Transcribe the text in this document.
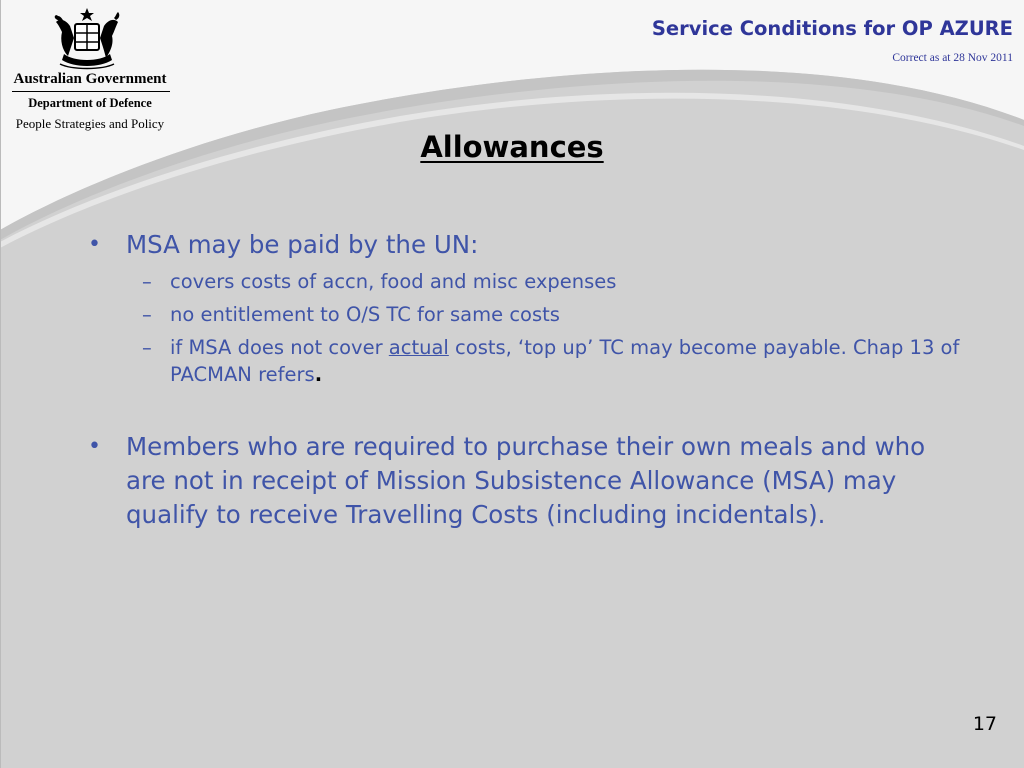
Australian Government
Department of Defence
People Strategies and Policy
Service Conditions for OP AZURE
Correct as at 28 Nov 2011
Allowances
• MSA may be paid by the UN:
– covers costs of accn, food and misc expenses
– no entitlement to O/S TC for same costs
– if MSA does not cover actual costs, ‘top up’ TC may become payable. Chap 13 of PACMAN refers.
• Members who are required to purchase their own meals and who are not in receipt of Mission Subsistence Allowance (MSA) may qualify to receive Travelling Costs (including incidentals).
17
